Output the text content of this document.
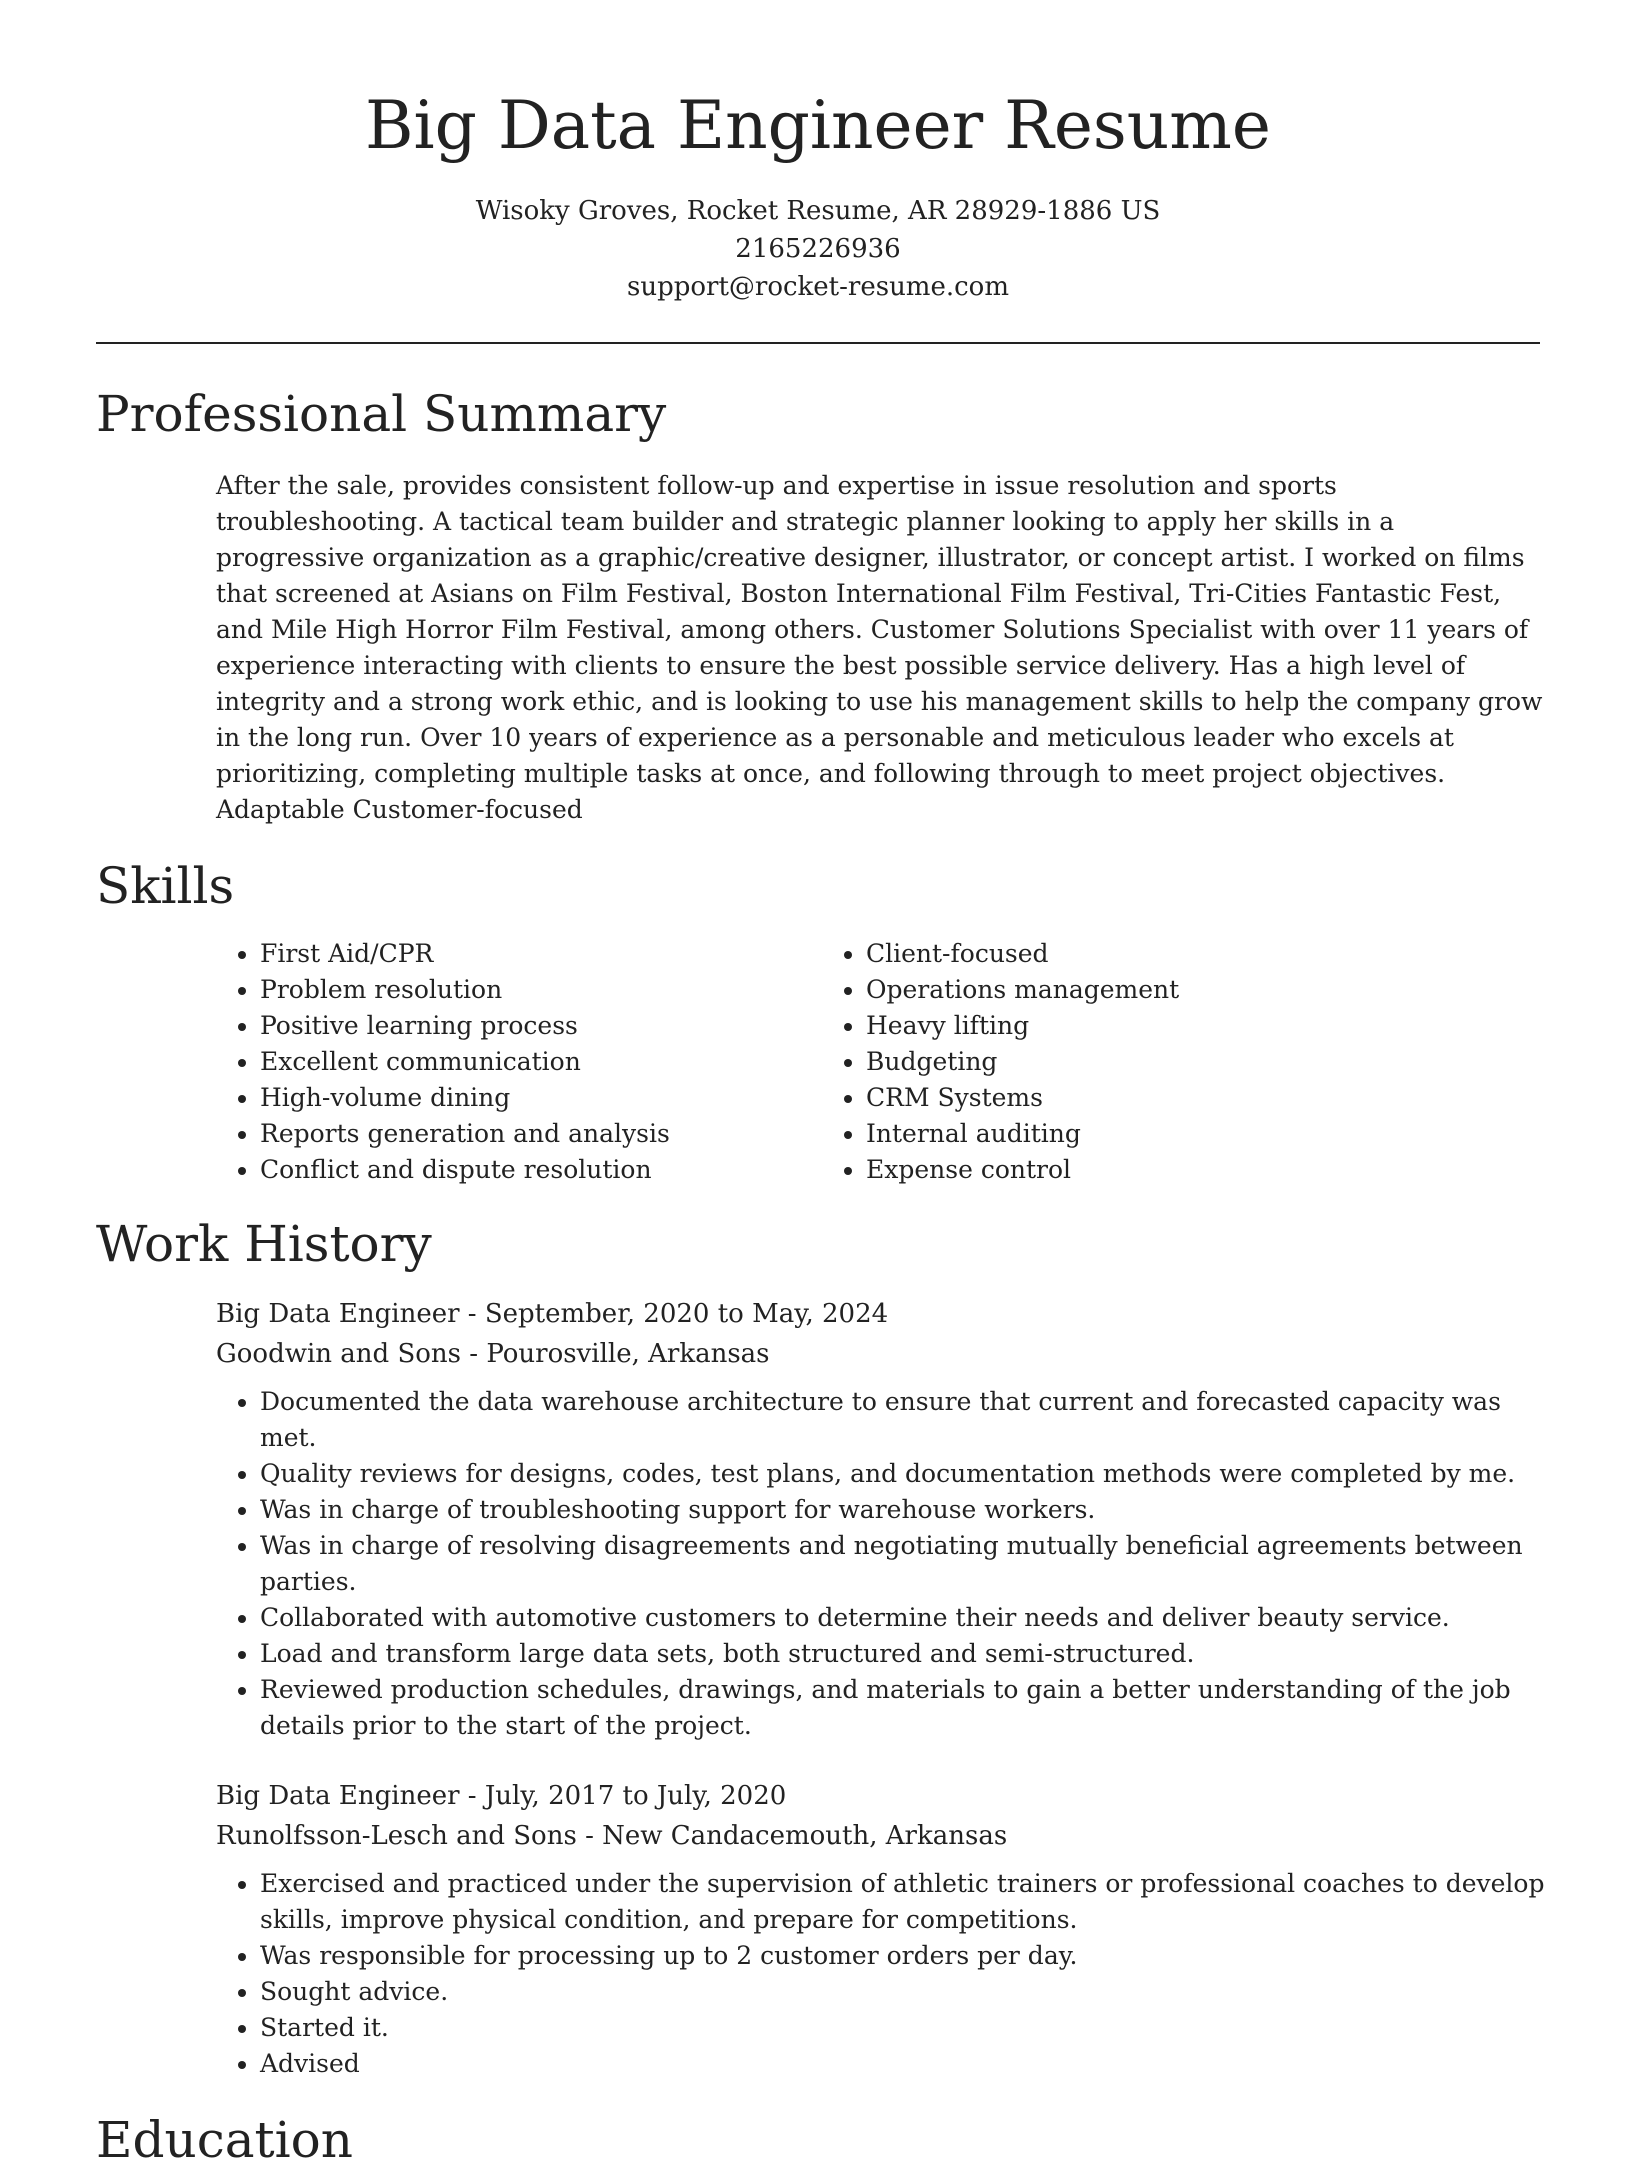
Big Data Engineer Resume
Wisoky Groves, Rocket Resume, AR 28929-1886 US
2165226936
support@rocket-resume.com
Professional Summary
After the sale, provides consistent follow-up and expertise in issue resolution and sports troubleshooting. A tactical team builder and strategic planner looking to apply her skills in a progressive organization as a graphic/creative designer, illustrator, or concept artist. I worked on films that screened at Asians on Film Festival, Boston International Film Festival, Tri-Cities Fantastic Fest, and Mile High Horror Film Festival, among others. Customer Solutions Specialist with over 11 years of experience interacting with clients to ensure the best possible service delivery. Has a high level of integrity and a strong work ethic, and is looking to use his management skills to help the company grow in the long run. Over 10 years of experience as a personable and meticulous leader who excels at prioritizing, completing multiple tasks at once, and following through to meet project objectives. Adaptable Customer-focused
Skills
• First Aid/CPR
• Problem resolution
• Positive learning process
• Excellent communication
• High-volume dining
• Reports generation and analysis
• Conflict and dispute resolution
• Client-focused
• Operations management
• Heavy lifting
• Budgeting
• CRM Systems
• Internal auditing
• Expense control
Work History
Big Data Engineer - September, 2020 to May, 2024
Goodwin and Sons - Pourosville, Arkansas
• Documented the data warehouse architecture to ensure that current and forecasted capacity was met.
• Quality reviews for designs, codes, test plans, and documentation methods were completed by me.
• Was in charge of troubleshooting support for warehouse workers.
• Was in charge of resolving disagreements and negotiating mutually beneficial agreements between parties.
• Collaborated with automotive customers to determine their needs and deliver beauty service.
• Load and transform large data sets, both structured and semi-structured.
• Reviewed production schedules, drawings, and materials to gain a better understanding of the job details prior to the start of the project.
Big Data Engineer - July, 2017 to July, 2020
Runolfsson-Lesch and Sons - New Candacemouth, Arkansas
• Exercised and practiced under the supervision of athletic trainers or professional coaches to develop skills, improve physical condition, and prepare for competitions.
• Was responsible for processing up to 2 customer orders per day.
• Sought advice.
• Started it.
• Advised
Education
